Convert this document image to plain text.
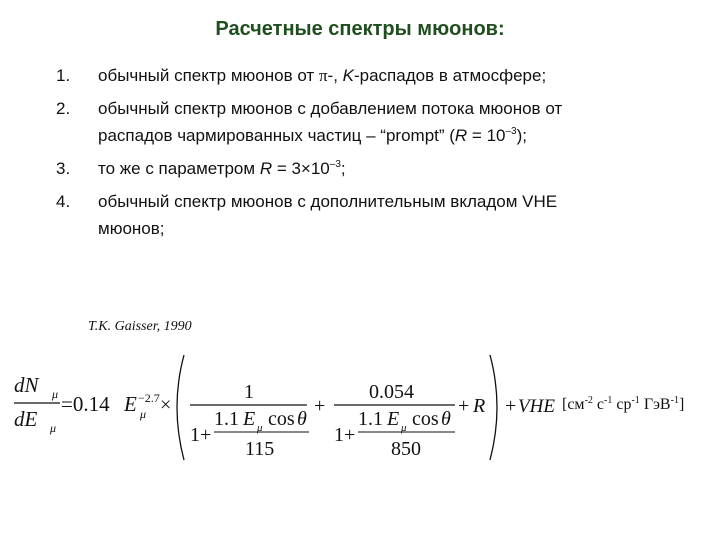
Расчетные спектры мюонов:
1.	обычный спектр мюонов от π-, K-распадов в атмосфере;
2.	обычный спектр мюонов с добавлением потока мюонов от
распадов чармированных частиц – “prompt” $(R = 10^{-3})$;
3.	то же с параметром $R = 3\times 10^{-3}$;
4.	обычный спектр мюонов с дополнительным вкладом VHE
мюонов;
T.K. Gaisser, 1990
dN μ
dE μ
=0.14 E −2.7
μ ×
1
1+
1.1 E μ cos θ
115
+
0.054
1+
1.1 E μ cos θ
850
+ R + VHE [$см^{-2}$ $с^{-1}$ $ср^{-1}$ ГэВ$^{-1}$]
